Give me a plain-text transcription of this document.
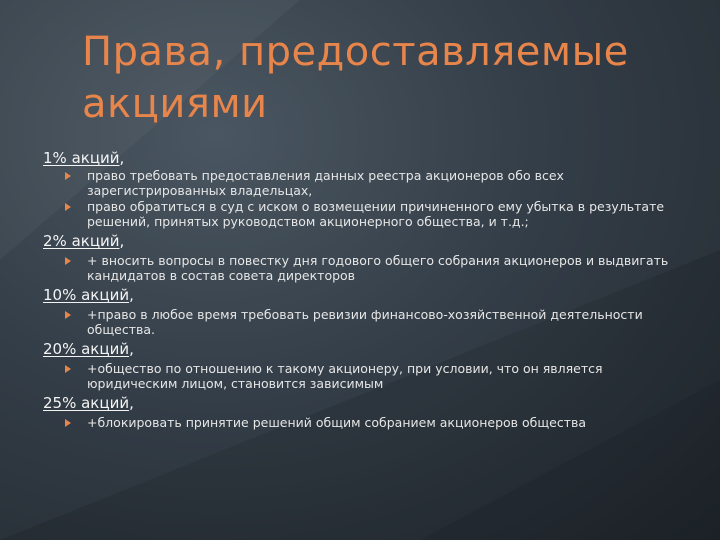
Права, предоставляемые акциями
1% акций,
право требовать предоставления данных реестра акционеров обо всех зарегистрированных владельцах,
право обратиться в суд с иском о возмещении причиненного ему убытка в результате решений, принятых руководством акционерного общества, и т.д.;
2% акций,
+ вносить вопросы в повестку дня годового общего собрания акционеров и выдвигать кандидатов в состав совета директоров
10% акций,
+право в любое время требовать ревизии финансово-хозяйственной деятельности общества.
20% акций,
+общество по отношению к такому акционеру, при условии, что он является юридическим лицом, становится зависимым
25% акций,
+блокировать принятие решений общим собранием акционеров общества
